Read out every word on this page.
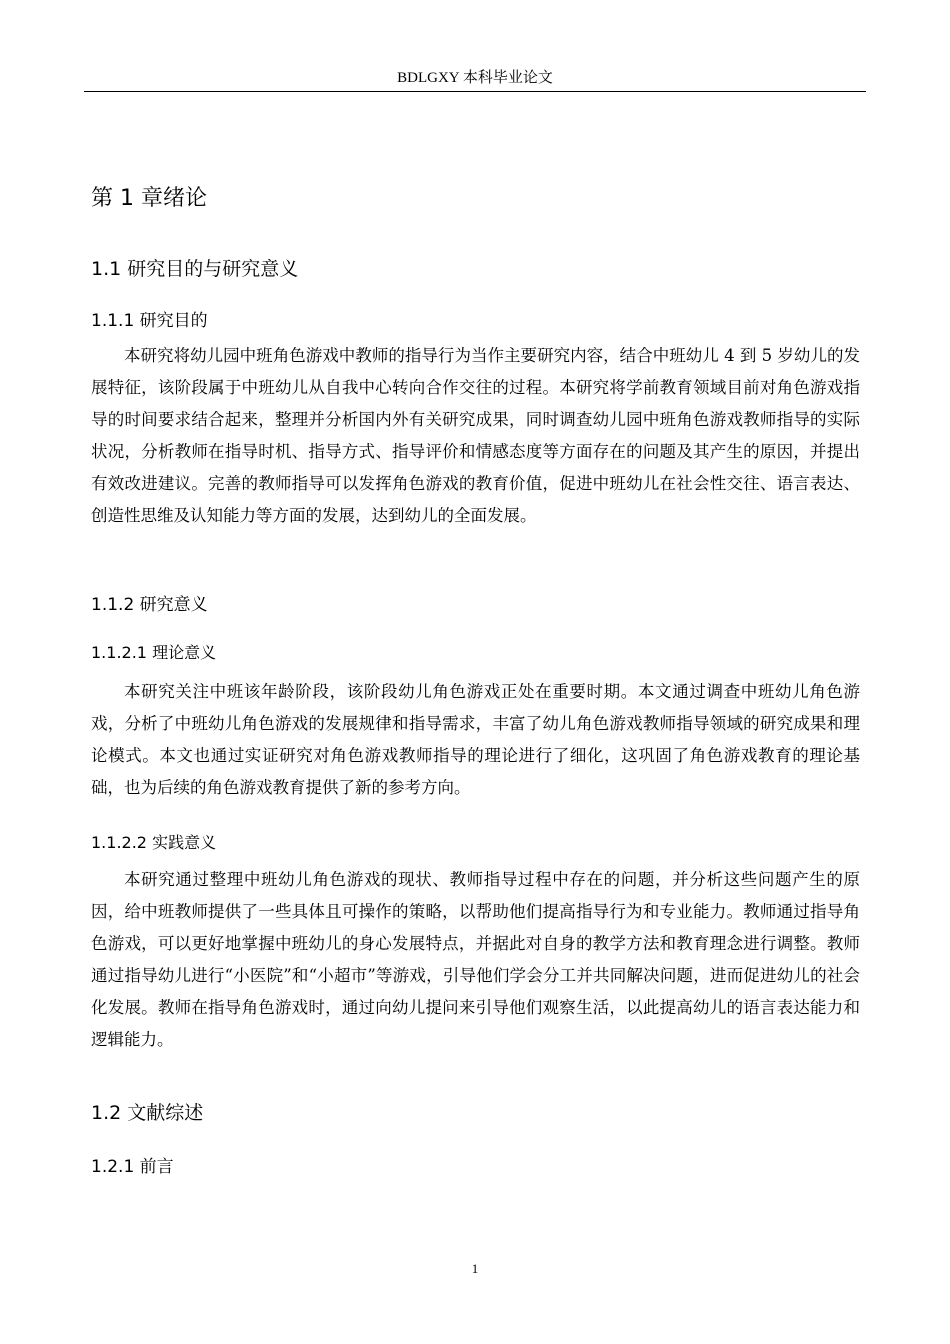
BDLGXY 本科毕业论文
第 1 章绪论
1.1 研究目的与研究意义
1.1.1 研究目的

本研究将幼儿园中班角色游戏中教师的指导行为当作主要研究内容，结合中班幼儿 4 到 5 岁幼儿的发展特征，该阶段属于中班幼儿从自我中心转向合作交往的过程。本研究将学前教育领域目前对角色游戏指导的时间要求结合起来，整理并分析国内外有关研究成果，同时调查幼儿园中班角色游戏教师指导的实际状况，分析教师在指导时机、指导方式、指导评价和情感态度等方面存在的问题及其产生的原因，并提出有效改进建议。完善的教师指导可以发挥角色游戏的教育价值，促进中班幼儿在社会性交往、语言表达、创造性思维及认知能力等方面的发展，达到幼儿的全面发展。

1.1.2 研究意义
1.1.2.1 理论意义

本研究关注中班该年龄阶段，该阶段幼儿角色游戏正处在重要时期。本文通过调查中班幼儿角色游戏，分析了中班幼儿角色游戏的发展规律和指导需求，丰富了幼儿角色游戏教师指导领域的研究成果和理论模式。本文也通过实证研究对角色游戏教师指导的理论进行了细化，这巩固了角色游戏教育的理论基础，也为后续的角色游戏教育提供了新的参考方向。

1.1.2.2 实践意义

本研究通过整理中班幼儿角色游戏的现状、教师指导过程中存在的问题，并分析这些问题产生的原因，给中班教师提供了一些具体且可操作的策略，以帮助他们提高指导行为和专业能力。教师通过指导角色游戏，可以更好地掌握中班幼儿的身心发展特点，并据此对自身的教学方法和教育理念进行调整。教师通过指导幼儿进行“小医院”和“小超市”等游戏，引导他们学会分工并共同解决问题，进而促进幼儿的社会化发展。教师在指导角色游戏时，通过向幼儿提问来引导他们观察生活，以此提高幼儿的语言表达能力和逻辑能力。

1.2 文献综述
1.2.1 前言
1
